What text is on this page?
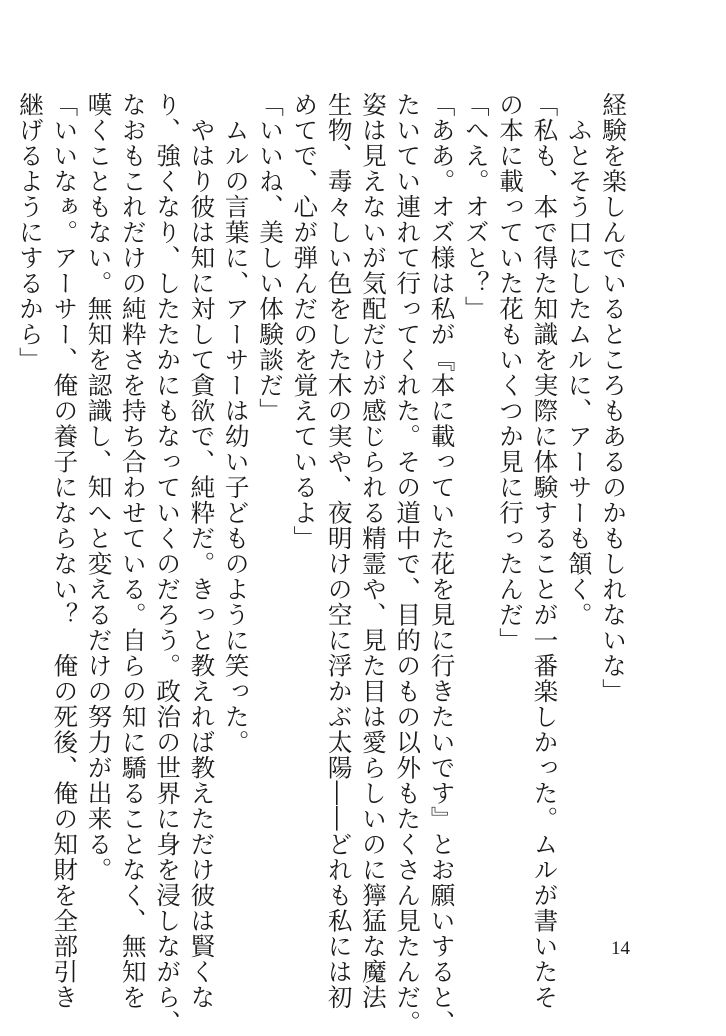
経験を楽しんでいるところもあるのかもしれないな」
　ふとそう口にしたムルに、アーサーも頷く。
「私も、本で得た知識を実際に体験することが一番楽しかった。ムルが書いたそ
の本に載っていた花もいくつか見に行ったんだ」
「へえ。オズと？」
「ああ。オズ様は私が『本に載っていた花を見に行きたいです』とお願いすると、
たいてい連れて行ってくれた。その道中で、目的のもの以外もたくさん見たんだ。
姿は見えないが気配だけが感じられる精霊や、見た目は愛らしいのに獰猛な魔法
生物、毒々しい色をした木の実や、夜明けの空に浮かぶ太陽――どれも私には初
めてで、心が弾んだのを覚えているよ」
「いいね、美しい体験談だ」
　ムルの言葉に、アーサーは幼い子どものように笑った。
　やはり彼は知に対して貪欲で、純粋だ。きっと教えれば教えただけ彼は賢くな
り、強くなり、したたかにもなっていくのだろう。政治の世界に身を浸しながら、
なおもこれだけの純粋さを持ち合わせている。自らの知に驕ることなく、無知を
嘆くこともない。無知を認識し、知へと変えるだけの努力が出来る。
「いいなぁ。アーサー、俺の養子にならない？　俺の死後、俺の知財を全部引き
継げるようにするから」
14
